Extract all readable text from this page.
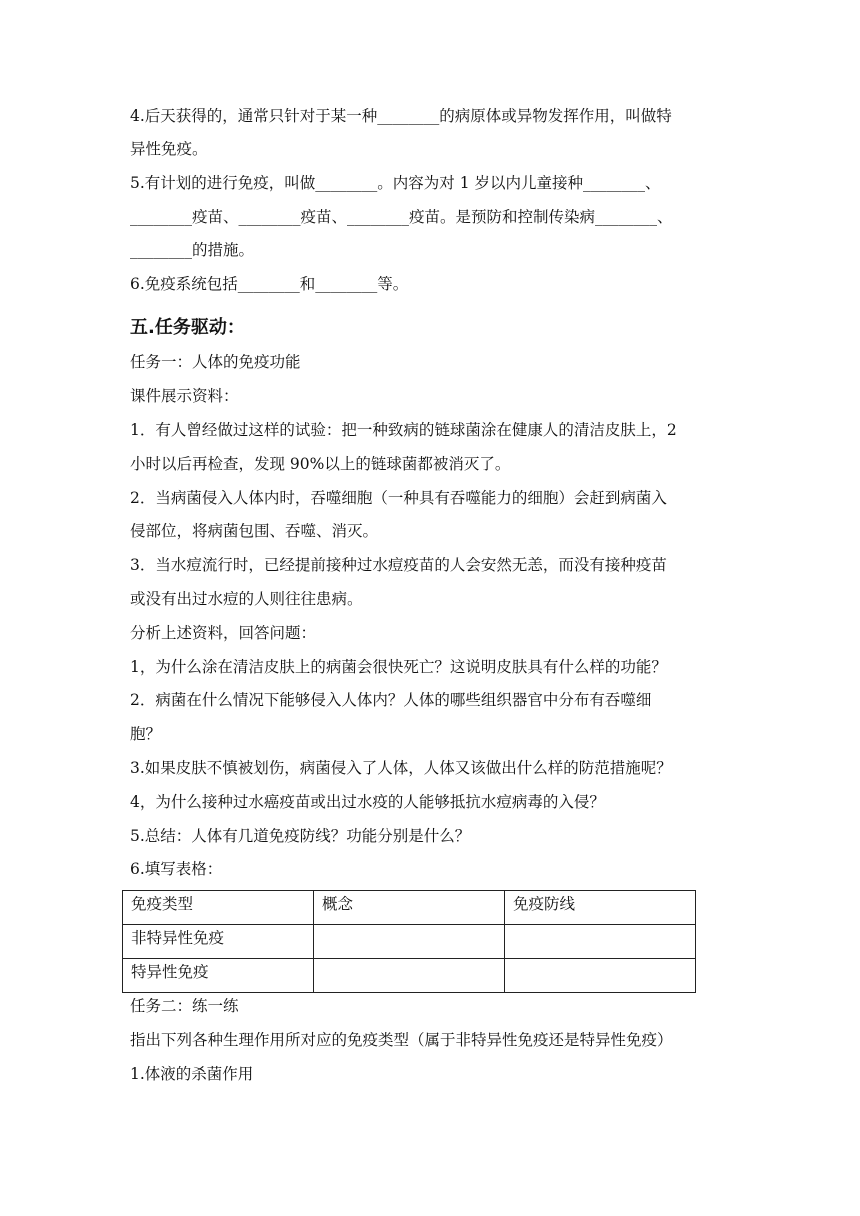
4.后天获得的，通常只针对于某一种________的病原体或异物发挥作用，叫做特
异性免疫。
5.有计划的进行免疫，叫做________。内容为对 1 岁以内儿童接种________、
________疫苗、________疫苗、________疫苗。是预防和控制传染病________、
________的措施。
6.免疫系统包括________和________等。
五.任务驱动：
任务一：人体的免疫功能
课件展示资料：
1．有人曾经做过这样的试验：把一种致病的链球菌涂在健康人的清洁皮肤上，2
小时以后再检查，发现 90%以上的链球菌都被消灭了。
2．当病菌侵入人体内时，吞噬细胞（一种具有吞噬能力的细胞）会赶到病菌入
侵部位，将病菌包围、吞噬、消灭。
3．当水痘流行时，已经提前接种过水痘疫苗的人会安然无恙，而没有接种疫苗
或没有出过水痘的人则往往患病。
分析上述资料，回答问题：
1，为什么涂在清洁皮肤上的病菌会很快死亡？这说明皮肤具有什么样的功能？
2．病菌在什么情况下能够侵入人体内？人体的哪些组织器官中分布有吞噬细
胞？
3.如果皮肤不慎被划伤，病菌侵入了人体，人体又该做出什么样的防范措施呢？
4，为什么接种过水癌疫苗或出过水疫的人能够抵抗水痘病毒的入侵？
5.总结：人体有几道免疫防线？功能分别是什么？
6.填写表格：
免疫类型	概念	免疫防线
非特异性免疫		
特异性免疫		
任务二：练一练
指出下列各种生理作用所对应的免疫类型（属于非特异性免疫还是特异性免疫）
1.体液的杀菌作用
